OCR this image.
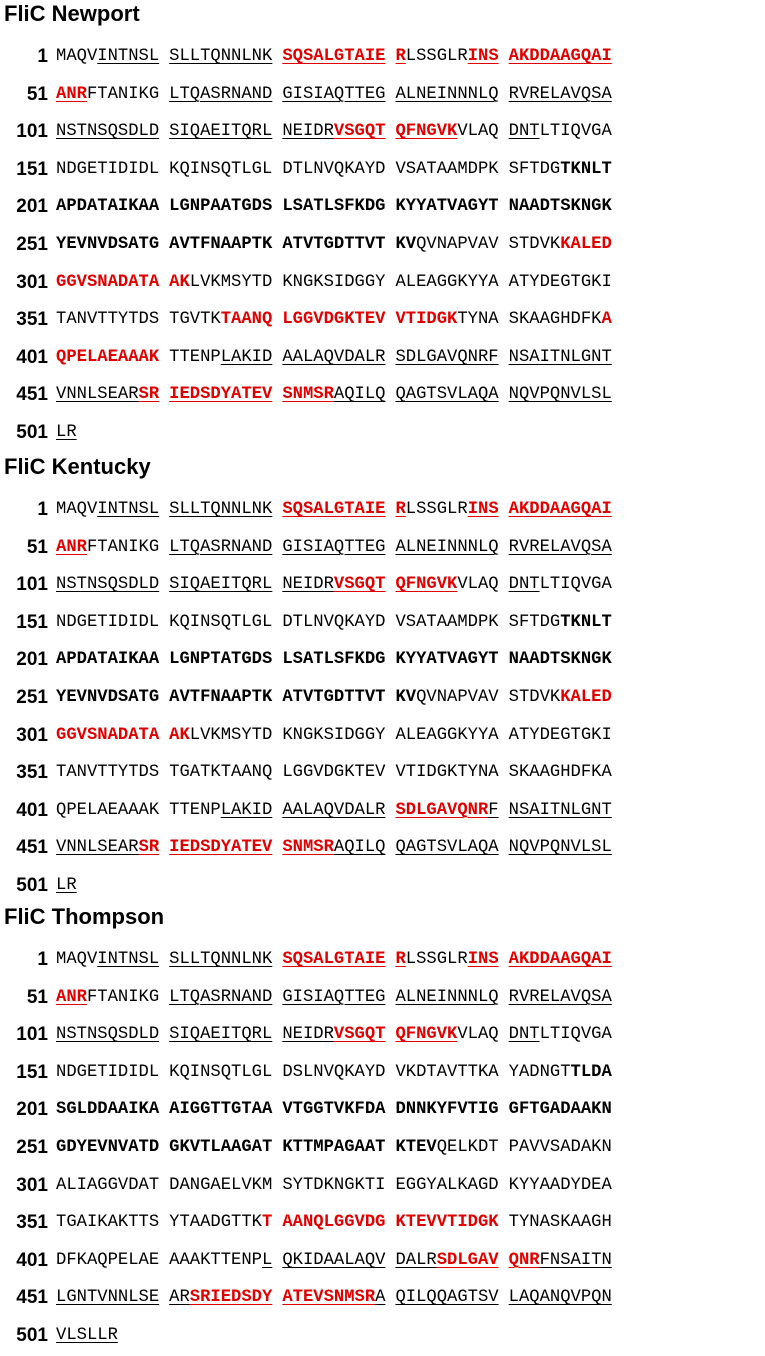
FliC Newport
1 MAQVINTNSL SLLTQNNLNK SQSALGTAIE RLSSGLRINS AKDDAAGQAI
51 ANRFTANIKG LTQASRNAND GISIAQTTEG ALNEINNNLQ RVRELAVQSA
101 NSTNSQSDLD SIQAEITQRL NEIDRVSGQT QFNGVKVLAQ DNTLTIQVGA
151 NDGETIDIDL KQINSQTLGL DTLNVQKAYD VSATAAMDPK SFTDGTKNLT
201 APDATAIKAA LGNPAATGDS LSATLSFKDG KYYATVAGYT NAADTSKNGK
251 YEVNVDSATG AVTFNAAPTK ATVTGDTTVT KVQVNAPVAV STDVKKALED
301 GGVSNADATA AKLVKMSYTD KNGKSIDGGY ALEAGGKYYA ATYDEGTGKI
351 TANVTTYTDS TGVTKTAANQ LGGVDGKTEV VTIDGKTYNA SKAAGHDFKA
401 QPELAEAAAK TTENPLAKID AALAQVDALR SDLGAVQNRF NSAITNLGNT
451 VNNLSEARSR IEDSDYATEV SNMSRAQILQ QAGTSVLAQA NQVPQNVLSL
501 LR
FliC Kentucky
1 MAQVINTNSL SLLTQNNLNK SQSALGTAIE RLSSGLRINS AKDDAAGQAI
51 ANRFTANIKG LTQASRNAND GISIAQTTEG ALNEINNNLQ RVRELAVQSA
101 NSTNSQSDLD SIQAEITQRL NEIDRVSGQT QFNGVKVLAQ DNTLTIQVGA
151 NDGETIDIDL KQINSQTLGL DTLNVQKAYD VSATAAMDPK SFTDGTKNLT
201 APDATAIKAA LGNPTATGDS LSATLSFKDG KYYATVAGYT NAADTSKNGK
251 YEVNVDSATG AVTFNAAPTK ATVTGDTTVT KVQVNAPVAV STDVKKALED
301 GGVSNADATA AKLVKMSYTD KNGKSIDGGY ALEAGGKYYA ATYDEGTGKI
351 TANVTTYTDS TGATKTAANQ LGGVDGKTEV VTIDGKTYNA SKAAGHDFKA
401 QPELAEAAAK TTENPLAKID AALAQVDALR SDLGAVQNRF NSAITNLGNT
451 VNNLSEARSR IEDSDYATEV SNMSRAQILQ QAGTSVLAQA NQVPQNVLSL
501 LR
FliC Thompson
1 MAQVINTNSL SLLTQNNLNK SQSALGTAIE RLSSGLRINS AKDDAAGQAI
51 ANRFTANIKG LTQASRNAND GISIAQTTEG ALNEINNNLQ RVRELAVQSA
101 NSTNSQSDLD SIQAEITQRL NEIDRVSGQT QFNGVKVLAQ DNTLTIQVGA
151 NDGETIDIDL KQINSQTLGL DSLNVQKAYD VKDTAVTTKA YADNGTTLDA
201 SGLDDAAIKA AIGGTTGTAA VTGGTVKFDA DNNKYFVTIG GFTGADAAKN
251 GDYEVNVATD GKVTLAAGAT KTTMPAGAAT KTEVQELKDT PAVVSADAKN
301 ALIAGGVDAT DANGAELVKM SYTDKNGKTI EGGYALKAGD KYYAADYDEA
351 TGAIKAKTTS YTAADGTTKT AANQLGGVDG KTEVVTIDGK TYNASKAAGH
401 DFKAQPELAE AAAKTTENPL QKIDAALAQV DALRSDLGAV QNRFNSAITN
451 LGNTVNNLSE ARSRIEDSDY ATEVSNMSRA QILQQAGTSV LAQANQVPQN
501 VLSLLR
